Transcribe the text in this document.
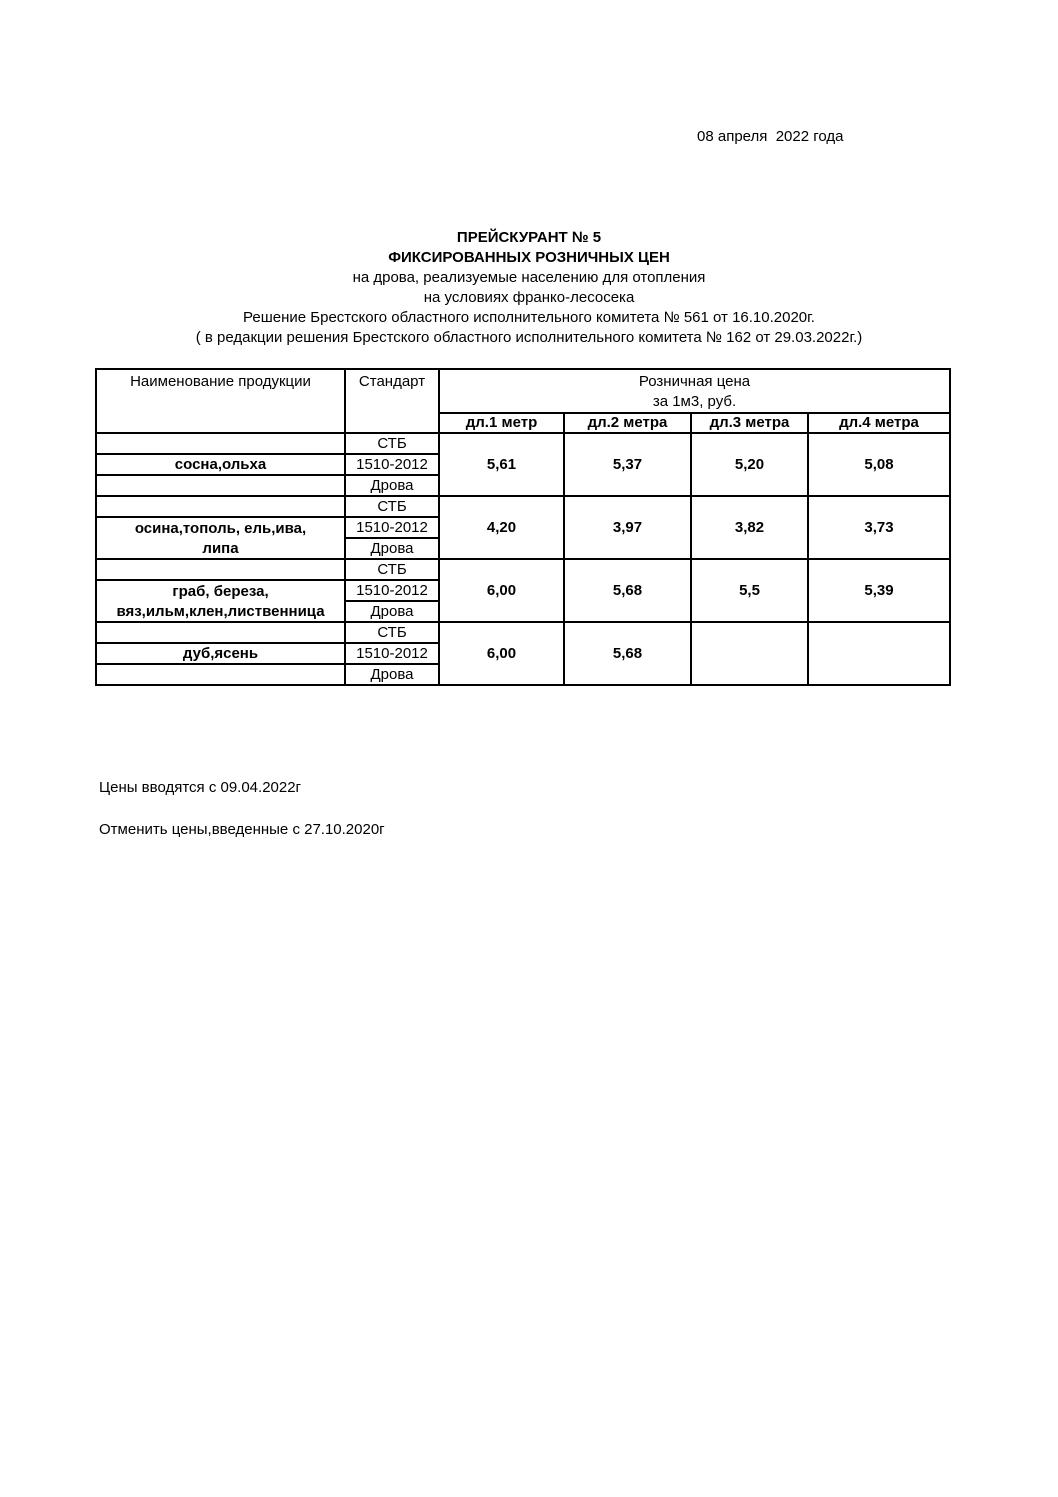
08 апреля  2022 года
ПРЕЙСКУРАНТ № 5
ФИКСИРОВАННЫХ РОЗНИЧНЫХ ЦЕН
на дрова, реализуемые населению для отопления
на условиях франко-лесосека
Решение Брестского областного исполнительного комитета № 561 от 16.10.2020г.
( в редакции решения Брестского областного исполнительного комитета № 162 от 29.03.2022г.)
Наименование продукции	Стандарт	Розничная цена
за 1м3, руб.			

		дл.1 метр	дл.2 метра	дл.3 метра	дл.4 метра
	СТБ	5,61	5,37	5,20	5,08
сосна,ольха	1510-2012				
	Дрова				
	СТБ	4,20	3,97	3,82	3,73
осина,тополь, ель,ива,	1510-2012				
липа	Дрова				
	СТБ	6,00	5,68	5,5	5,39
граб, береза,	1510-2012				
вяз,ильм,клен,лиственница	Дрова				
	СТБ	6,00	5,68		
дуб,ясень	1510-2012				
	Дрова				
Цены вводятся с 09.04.2022г
Отменить цены,введенные с 27.10.2020г
